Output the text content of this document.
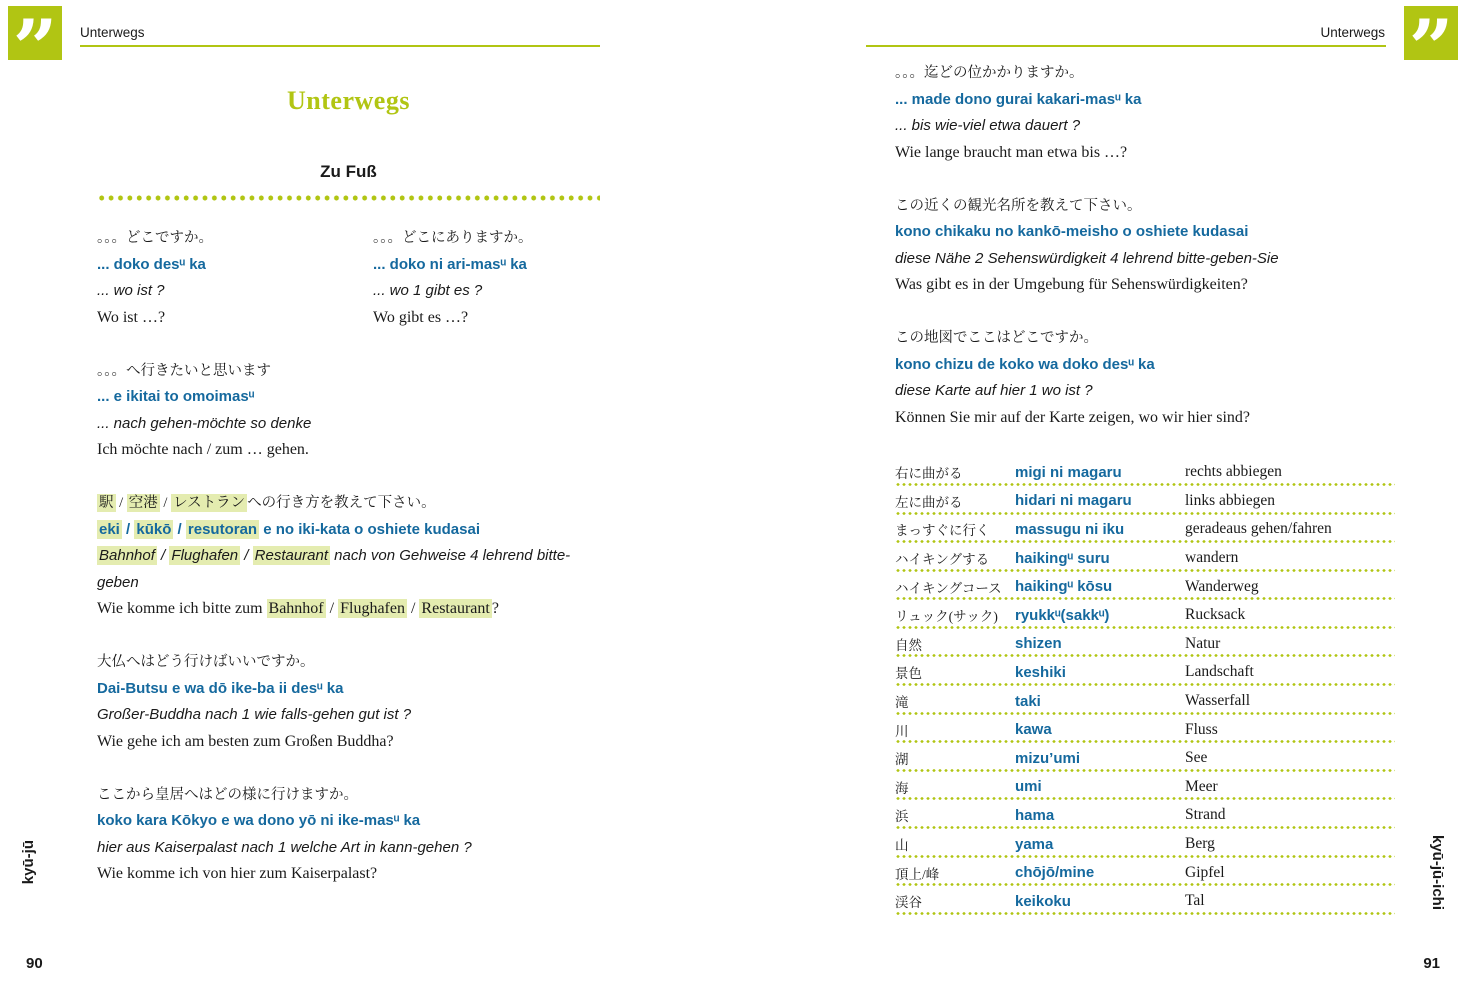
”	Unterwegs
Unterwegs
Zu Fuß
。。。どこですか。
... doko desᵘ ka
... wo ist ?
Wo ist …?
。。。どこにありますか。
... doko ni ari-masᵘ ka
... wo 1 gibt es ?
Wo gibt es …?
。。。へ行きたいと思います
... e ikitai to omoimasᵘ
... nach gehen-möchte so denke
Ich möchte nach / zum … gehen.
駅 / 空港 / レストラン への行き方を教えて下さい。
eki / kūkō / resutoran e no iki-kata o oshiete kudasai
Bahnhof / Flughafen / Restaurant nach von Gehweise 4 lehrend bitte-geben
Wie komme ich bitte zum Bahnhof / Flughafen / Restaurant ?
大仏へはどう行けばいいですか。
Dai-Butsu e wa dō ike-ba ii desᵘ ka
Großer-Buddha nach 1 wie falls-gehen gut ist ?
Wie gehe ich am besten zum Großen Buddha?
ここから皇居へはどの様に行けますか。
koko kara Kōkyo e wa dono yō ni ike-masᵘ ka
hier aus Kaiserpalast nach 1 welche Art in kann-gehen ?
Wie komme ich von hier zum Kaiserpalast?
kyū-jū
90
”
Unterwegs
。。。迄どの位かかりますか。
... made dono gurai kakari-masᵘ ka
... bis wie-viel etwa dauert ?
Wie lange braucht man etwa bis …?
この近くの観光名所を教えて下さい。
kono chikaku no kankō-meisho o oshiete kudasai
diese Nähe 2 Sehenswürdigkeit 4 lehrend bitte-geben-Sie
Was gibt es in der Umgebung für Sehenswürdigkeiten?
この地図でここはどこですか。
kono chizu de koko wa doko desᵘ ka
diese Karte auf hier 1 wo ist ?
Können Sie mir auf der Karte zeigen, wo wir hier sind?
右に曲がる	migi ni magaru	rechts abbiegen
左に曲がる	hidari ni magaru	links abbiegen
まっすぐに行く	massugu ni iku	geradeaus gehen/fahren
ハイキングする	haikingᵘ suru	wandern
ハイキングコース haikingᵘ kōsu	Wanderweg
リュック(サック)	ryukkᵘ(sakkᵘ)	Rucksack
自然	shizen	Natur
景色	keshiki	Landschaft
滝	taki	Wasserfall
川	kawa	Fluss
湖	mizu’umi	See
海	umi	Meer
浜	hama	Strand
山	yama	Berg
頂上/峰	chōjō/mine	Gipfel
渓谷	keikoku	Tal	kyū-jū-ichi
91
